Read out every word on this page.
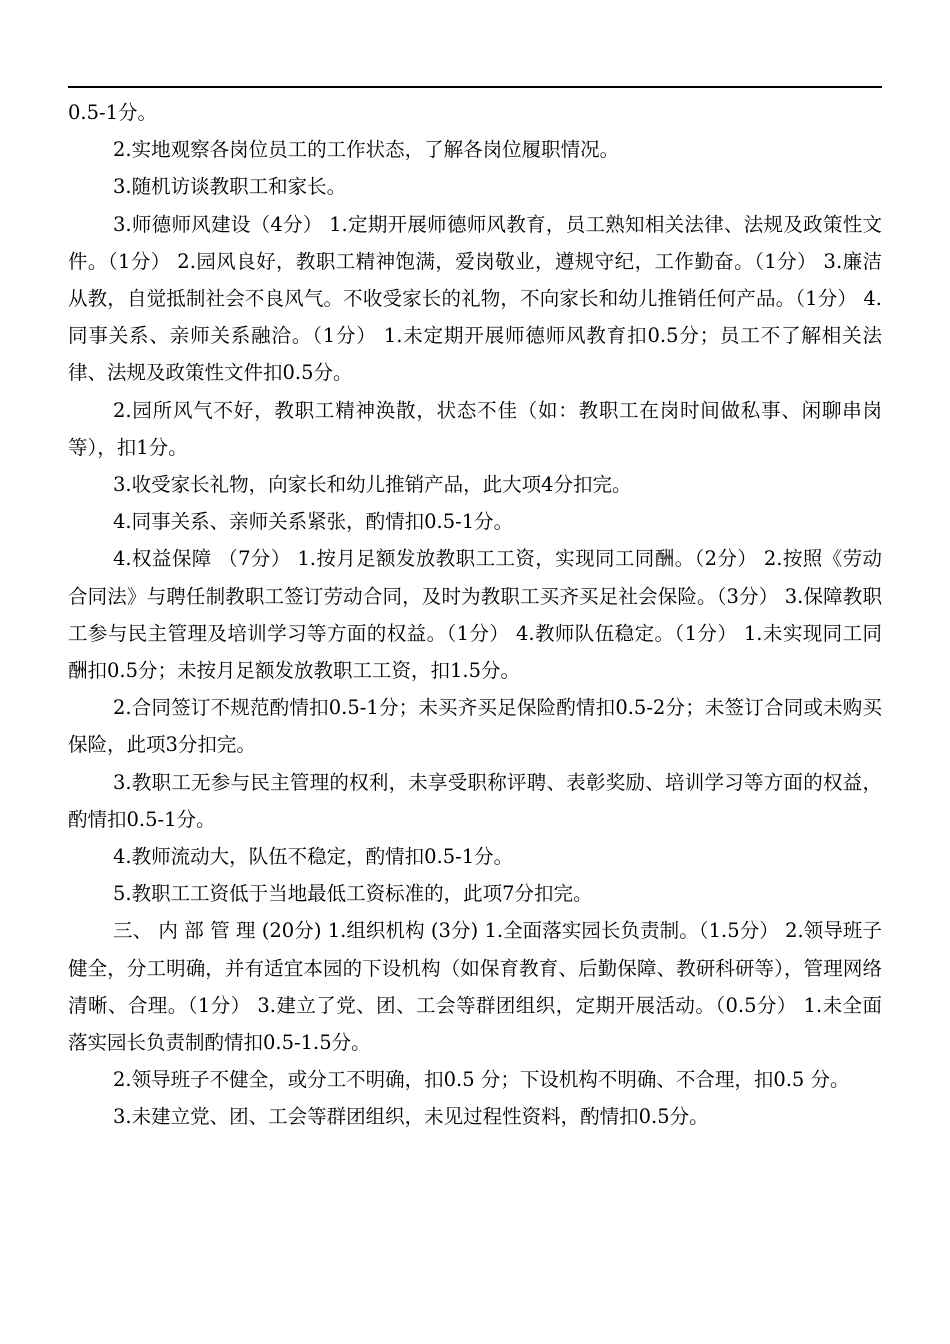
0.5-1分。

2.实地观察各岗位员工的工作状态，了解各岗位履职情况。

3.随机访谈教职工和家长。

3.师德师风建设（4分） 1.定期开展师德师风教育，员工熟知相关法律、法规及政策性文件。（1分） 2.园风良好，教职工精神饱满，爱岗敬业，遵规守纪，工作勤奋。（1分） 3.廉洁从教，自觉抵制社会不良风气。不收受家长的礼物，不向家长和幼儿推销任何产品。（1分） 4.同事关系、亲师关系融洽。（1分） 1.未定期开展师德师风教育扣0.5分；员工不了解相关法律、法规及政策性文件扣0.5分。

2.园所风气不好，教职工精神涣散，状态不佳（如：教职工在岗时间做私事、闲聊串岗等），扣1分。

3.收受家长礼物，向家长和幼儿推销产品，此大项4分扣完。

4.同事关系、亲师关系紧张，酌情扣0.5-1分。

4.权益保障 （7分） 1.按月足额发放教职工工资，实现同工同酬。（2分） 2.按照《劳动合同法》与聘任制教职工签订劳动合同，及时为教职工买齐买足社会保险。（3分） 3.保障教职工参与民主管理及培训学习等方面的权益。（1分） 4.教师队伍稳定。（1分） 1.未实现同工同酬扣0.5分；未按月足额发放教职工工资，扣1.5分。

2.合同签订不规范酌情扣0.5-1分；未买齐买足保险酌情扣0.5-2分；未签订合同或未购买保险，此项3分扣完。

3.教职工无参与民主管理的权利，未享受职称评聘、表彰奖励、培训学习等方面的权益，酌情扣0.5-1分。

4.教师流动大，队伍不稳定，酌情扣0.5-1分。

5.教职工工资低于当地最低工资标准的，此项7分扣完。

三、 内 部 管 理 (20分) 1.组织机构 (3分) 1.全面落实园长负责制。（1.5分） 2.领导班子健全，分工明确，并有适宜本园的下设机构（如保育教育、后勤保障、教研科研等），管理网络清晰、合理。（1分） 3.建立了党、团、工会等群团组织，定期开展活动。（0.5分） 1.未全面落实园长负责制酌情扣0.5-1.5分。

2.领导班子不健全，或分工不明确，扣0.5 分；下设机构不明确、不合理，扣0.5 分。

3.未建立党、团、工会等群团组织，未见过程性资料，酌情扣0.5分。
